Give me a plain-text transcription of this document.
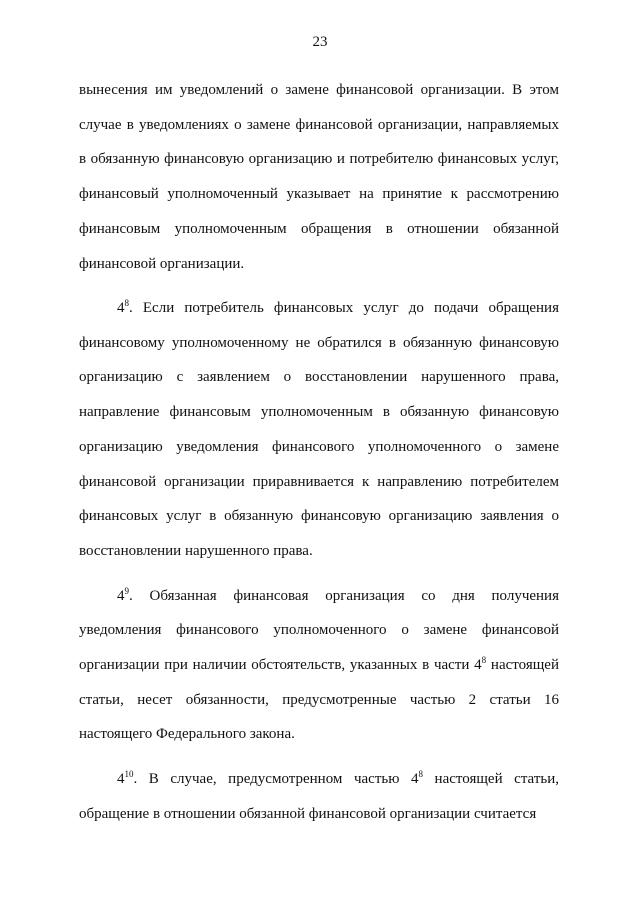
23

вынесения им уведомлений о замене финансовой организации. В этом случае в уведомлениях о замене финансовой организации, направляемых в обязанную финансовую организацию и потребителю финансовых услуг, финансовый уполномоченный указывает на принятие к рассмотрению финансовым уполномоченным обращения в отношении обязанной финансовой организации.

$4^8$. Если потребитель финансовых услуг до подачи обращения финансовому уполномоченному не обратился в обязанную финансовую организацию с заявлением о восстановлении нарушенного права, направление финансовым уполномоченным в обязанную финансовую организацию уведомления финансового уполномоченного о замене финансовой организации приравнивается к направлению потребителем финансовых услуг в обязанную финансовую организацию заявления о восстановлении нарушенного права.

$4^9$. Обязанная финансовая организация со дня получения уведомления финансового уполномоченного о замене финансовой организации при наличии обстоятельств, указанных в части $4^8$ настоящей статьи, несет обязанности, предусмотренные частью 2 статьи 16 настоящего Федерального закона.

$4^{10}$. В случае, предусмотренном частью $4^8$ настоящей статьи, обращение в отношении обязанной финансовой организации считается
